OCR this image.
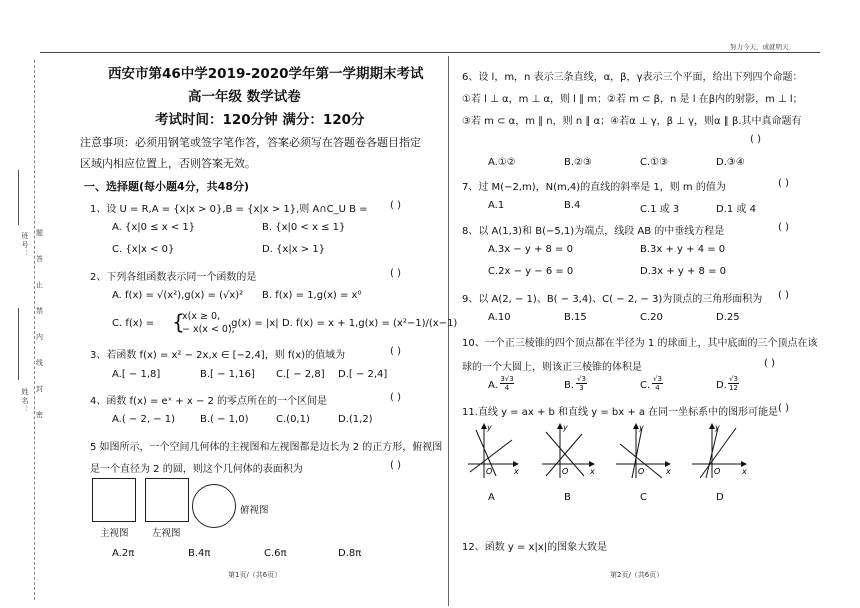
努力今天，成就明天
姓名：
班号：
密
封
线
内
禁
止
答
题
西安市第46中学2019-2020学年第一学期期末考试
高一年级 数学试卷
考试时间：120分钟 满分：120分
注意事项：必须用钢笔或签字笔作答，答案必须写在答题卷各题目指定
区域内相应位置上，否则答案无效。
一、选择题(每小题4分，共48分)
1、设 U = R,A = {x|x > 0},B = {x|x > 1},则 A∩C_U B = ( )
A. {x|0 ≤ x < 1}	B. {x|0 < x ≤ 1}
C. {x|x < 0}	D. {x|x > 1}
2、下列各组函数表示同一个函数的是	( )
A. f(x) = √(x²),g(x) = (√x)² B. f(x) = 1,g(x) = x⁰
C. f(x) = {
x(x ≥ 0,
− x(x < 0),
,g(x) = |x| D. f(x) = x + 1,g(x) = (x²−1)/(x−1)
3、若函数 f(x) = x² − 2x,x ∈ [−2,4]，则 f(x)的值域为	( )
A.[ − 1,8]	B.[ − 1,16] C.[ − 2,8] D.[ − 2,4]
4、函数 f(x) = eˣ + x − 2 的零点所在的一个区间是	( )
A.( − 2, − 1) B.( − 1,0)	C.(0,1)	D.(1,2)
5 如图所示，一个空间几何体的主视图和左视图都是边长为 2 的正方形，俯视图
是一个直径为 2 的圆，则这个几何体的表面积为	( )
俯视图
主视图 左视图
A.2π	B.4π	C.6π	D.8π
第1页/（共6页）
6、设 l，m，n 表示三条直线，α，β，γ表示三个平面，给出下列四个命题：
①若 l ⊥ α，m ⊥ α，则 l ∥ m；②若 m ⊂ β，n 是 l 在β内的射影，m ⊥ l；
③若 m ⊂ α，m ∥ n，则 n ∥ α；④若α ⊥ γ，β ⊥ γ，则α ∥ β.其中真命题有
( )
A.①②	B.②③	C.①③	D.③④
7、过 M(−2,m)，N(m,4)的直线的斜率是 1，则 m 的值为	( )
A.1	B.4	C.1 或 3	D.1 或 4
8、以 A(1,3)和 B(−5,1)为端点，线段 AB 的中垂线方程是	( )
A.3x − y + 8 = 0	B.3x + y + 4 = 0
C.2x − y − 6 = 0	D.3x + y + 8 = 0
9、以 A(2, − 1)、B( − 3,4)、C( − 2, − 3)为顶点的三角形面积为 ( )
A.10	B.15	C.20	D.25
10、一个正三棱锥的四个顶点都在半径为 1 的球面上，其中底面的三个顶点在该
球的一个大圆上，则该正三棱锥的体积是	( )
A. $\frac{3√3}{4}$	B. $\frac{√3}{3}$	C. $\frac{√3}{4}$	D. $\frac{√3}{12}$
11.直线 y = ax + b 和直线 y = bx + a 在同一坐标系中的图形可能是 ( )
x
y
O	x
y
O	x
y
O	x
y
O
A	B	C	D
12、函数 y = x|x|的图象大致是
第2页/（共6页）
